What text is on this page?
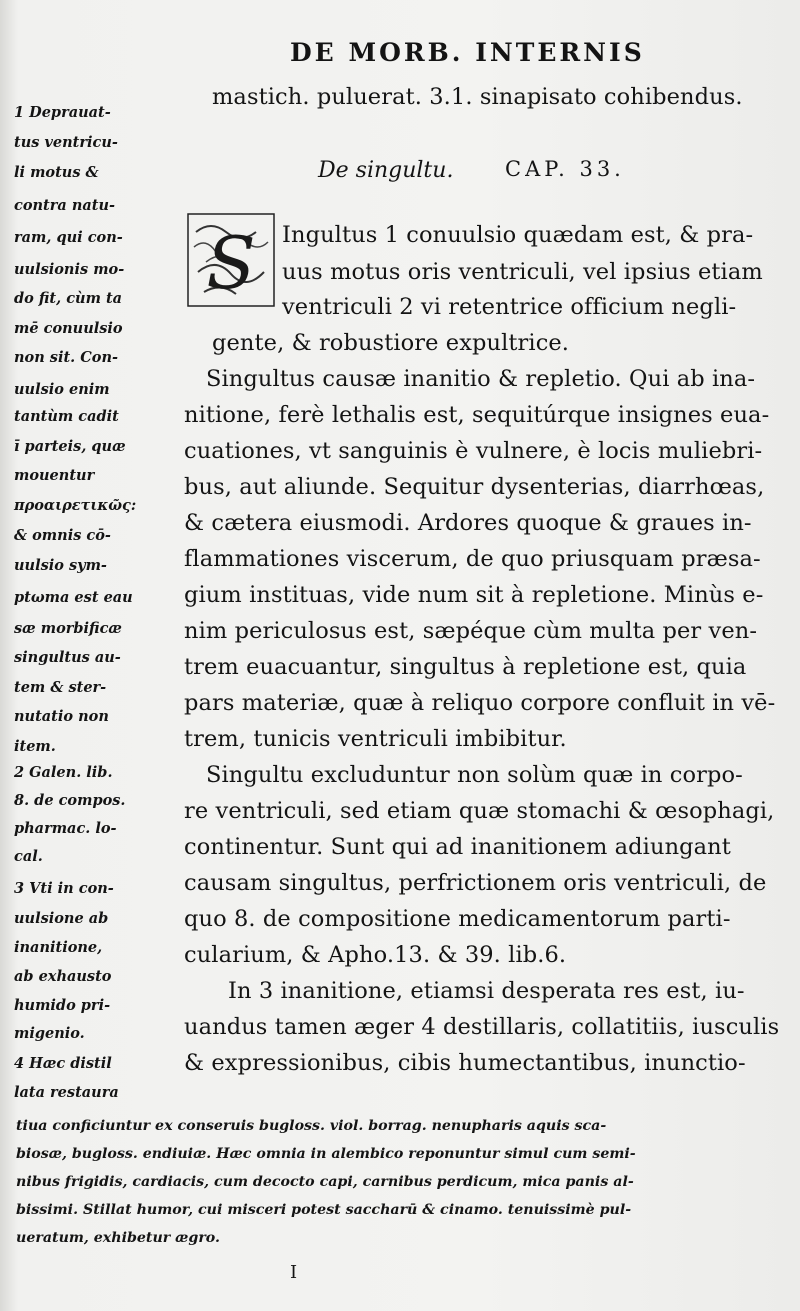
DE MORB. INTERNIS
mastich. puluerat. 3.1. sinapisato cohibendus.
De singultu. CAP. 33.
S Ingultus 1 conuulsio quædam est, & pra-
uus motus oris ventriculi, vel ipsius etiam
ventriculi 2 vi retentrice officium negli-
gente, & robustiore expultrice.
Singultus causæ inanitio & repletio. Qui ab ina-
nitione, ferè lethalis est, sequitúrque insignes eua-
cuationes, vt sanguinis è vulnere, è locis muliebri-
bus, aut aliunde. Sequitur dysenterias, diarrhœas,
& cætera eiusmodi. Ardores quoque & graues in-
flammationes viscerum, de quo priusquam præsa-
gium instituas, vide num sit à repletione. Minùs e-
nim periculosus est, sæpéque cùm multa per ven-
trem euacuantur, singultus à repletione est, quia
pars materiæ, quæ à reliquo corpore confluit in vē-
trem, tunicis ventriculi imbibitur.
Singultu excluduntur non solùm quæ in corpo-
re ventriculi, sed etiam quæ stomachi & œsophagi,
continentur. Sunt qui ad inanitionem adiungant
causam singultus, perfrictionem oris ventriculi, de
quo 8. de compositione medicamentorum parti-
cularium, & Apho.13. & 39. lib.6.
In 3 inanitione, etiamsi desperata res est, iu-
uandus tamen æger 4 destillaris, collatitiis, iusculis
& expressionibus, cibis humectantibus, inunctio-
1 Deprauat-
tus ventricu-
li motus &
contra natu-
ram, qui con-
uulsionis mo-
do fit, cùm ta
mē conuulsio
non sit. Con-
uulsio enim
tantùm cadit
ī parteis, quæ
mouentur
προαιρετικῶς:
& omnis cō-
uulsio sym-
ptωma est eau
sæ morbificæ
singultus au-
tem & ster-
nutatio non
item.
2 Galen. lib.
8. de compos.
pharmac. lo-
cal.
3 Vti in con-
uulsione ab
inanitione,
ab exhausto
humido pri-
migenio.
4 Hæc distil
lata restaura
tiua conficiuntur ex conseruis bugloss. viol. borrag. nenupharis aquis sca-
biosæ, bugloss. endiuiæ. Hæc omnia in alembico reponuntur simul cum semi-
nibus frigidis, cardiacis, cum decocto capi, carnibus perdicum, mica panis al-
bissimi. Stillat humor, cui misceri potest saccharū & cinamo. tenuissimè pul-
ueratum, exhibetur ægro.
I
